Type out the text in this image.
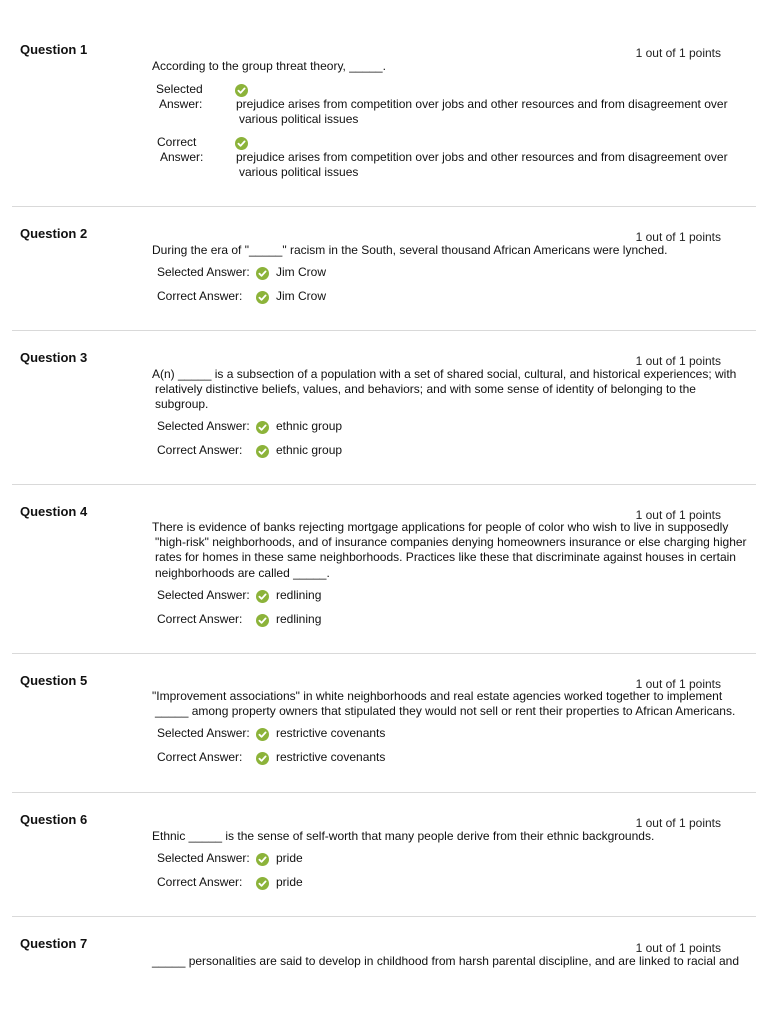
Question 1	1 out of 1 points
According to the group threat theory, _____.
Selected
Answer:	prejudice arises from competition over jobs and other resources and from disagreement over
various political issues
Correct
Answer:	prejudice arises from competition over jobs and other resources and from disagreement over
various political issues
Question 2	1 out of 1 points
During the era of "_____" racism in the South, several thousand African Americans were lynched.
Selected Answer: Jim Crow
Correct Answer:	Jim Crow
Question 3	1 out of 1 points
A(n) _____ is a subsection of a population with a set of shared social, cultural, and historical experiences; with
relatively distinctive beliefs, values, and behaviors; and with some sense of identity of belonging to the
subgroup.
Selected Answer: ethnic group
Correct Answer:	ethnic group
Question 4	1 out of 1 points
There is evidence of banks rejecting mortgage applications for people of color who wish to live in supposedly
"high-risk" neighborhoods, and of insurance companies denying homeowners insurance or else charging higher
rates for homes in these same neighborhoods. Practices like these that discriminate against houses in certain
neighborhoods are called _____.
Selected Answer: redlining
Correct Answer:	redlining
Question 5	1 out of 1 points
"Improvement associations" in white neighborhoods and real estate agencies worked together to implement
_____ among property owners that stipulated they would not sell or rent their properties to African Americans.
Selected Answer: restrictive covenants
Correct Answer:	restrictive covenants
Question 6	1 out of 1 points
Ethnic _____ is the sense of self-worth that many people derive from their ethnic backgrounds.
Selected Answer: pride
Correct Answer:	pride
Question 7	1 out of 1 points
_____ personalities are said to develop in childhood from harsh parental discipline, and are linked to racial and
